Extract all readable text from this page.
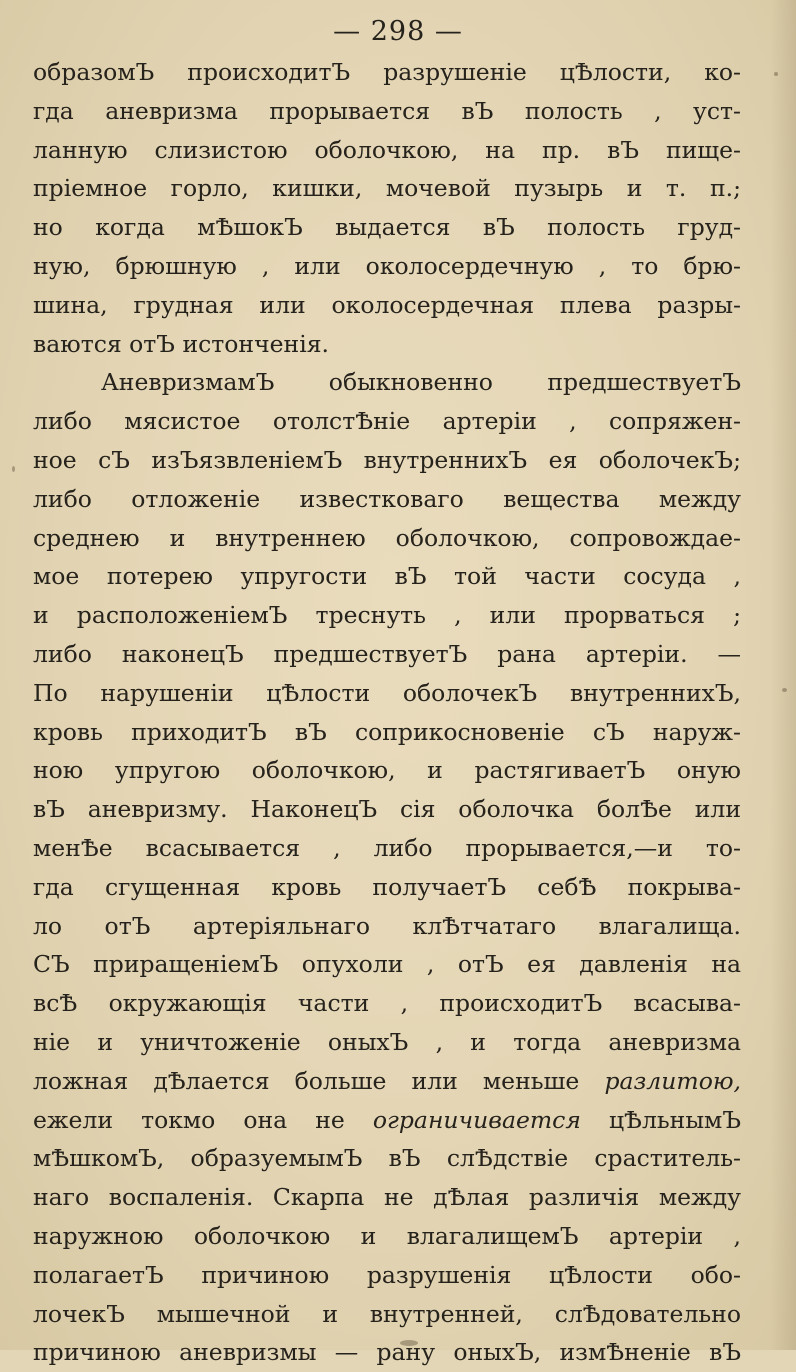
— 298 —
образомЪ происходитЪ разрушеніе цѢлости, ко-
гда аневризма прорывается вЪ полость , уст-
ланную слизистою оболочкою, на пр. вЪ пище-
пріемное горло, кишки, мочевой пузырь и т. п.;
но когда мѢшокЪ выдается вЪ полость груд-
ную, брюшную , или околосердечную , то брю-
шина, грудная или околосердечная плева разры-
ваются отЪ истонченія.
АневризмамЪ обыкновенно предшествуетЪ
либо мясистое отолстѢніе артеріи , сопряжен-
ное сЪ изЪязвленіемЪ внутреннихЪ ея оболочекЪ;
либо отложеніе известковаго вещества между
среднею и внутреннею оболочкою, сопровождае-
мое потерею упругости вЪ той части сосуда ,
и расположеніемЪ треснуть , или прорваться ;
либо наконецЪ предшествуетЪ рана артеріи. —
По нарушеніи цѢлости оболочекЪ внутреннихЪ,
кровь приходитЪ вЪ соприкосновеніе сЪ наруж-
ною упругою оболочкою, и растягиваетЪ оную
вЪ аневризму. НаконецЪ сія оболочка болѢе или
менѢе всасывается , либо прорывается,—и то-
гда сгущенная кровь получаетЪ себѢ покрыва-
ло отЪ артеріяльнаго клѢтчатаго влагалища.
СЪ приращеніемЪ опухоли , отЪ ея давленія на
всѢ окружающія части , происходитЪ всасыва-
ніе и уничтоженіе оныхЪ , и тогда аневризма
ложная дѢлается больше или меньше разлитою,
ежели токмо она не ограничивается цѢльнымЪ
мѢшкомЪ, образуемымЪ вЪ слѢдствіе сраститель-
наго воспаленія. Скарпа не дѢлая различія между
наружною оболочкою и влагалищемЪ артеріи ,
полагаетЪ причиною разрушенія цѢлости обо-
лочекЪ мышечной и внутренней, слѢдовательно
причиною аневризмы — рану оныхЪ, измѢненіе вЪ
